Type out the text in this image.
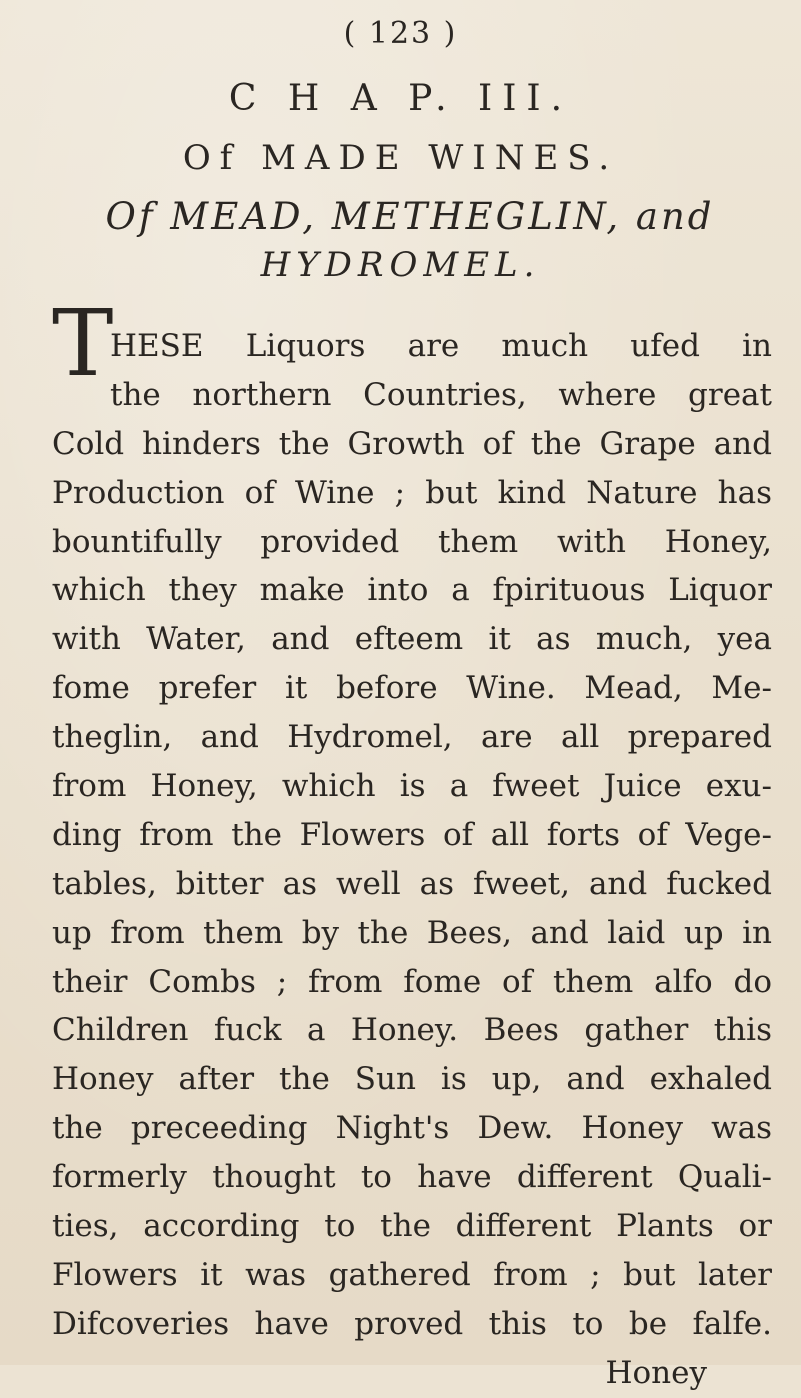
( 123 )
C H A P. III.
Of MADE WINES.
Of MEAD, METHEGLIN, and
HYDROMEL.
T
HESE Liquors are much ufed in
the northern Countries, where great
Cold hinders the Growth of the Grape and
Production of Wine ; but kind Nature has
bountifully provided them with Honey,
which they make into a fpirituous Liquor
with Water, and efteem it as much, yea
fome prefer it before Wine. Mead, Me-
theglin, and Hydromel, are all prepared
from Honey, which is a fweet Juice exu-
ding from the Flowers of all forts of Vege-
tables, bitter as well as fweet, and fucked
up from them by the Bees, and laid up in
their Combs ; from fome of them alfo do
Children fuck a Honey. Bees gather this
Honey after the Sun is up, and exhaled
the preceeding Night's Dew. Honey was
formerly thought to have different Quali-
ties, according to the different Plants or
Flowers it was gathered from ; but later
Difcoveries have proved this to be falfe.
Honey
